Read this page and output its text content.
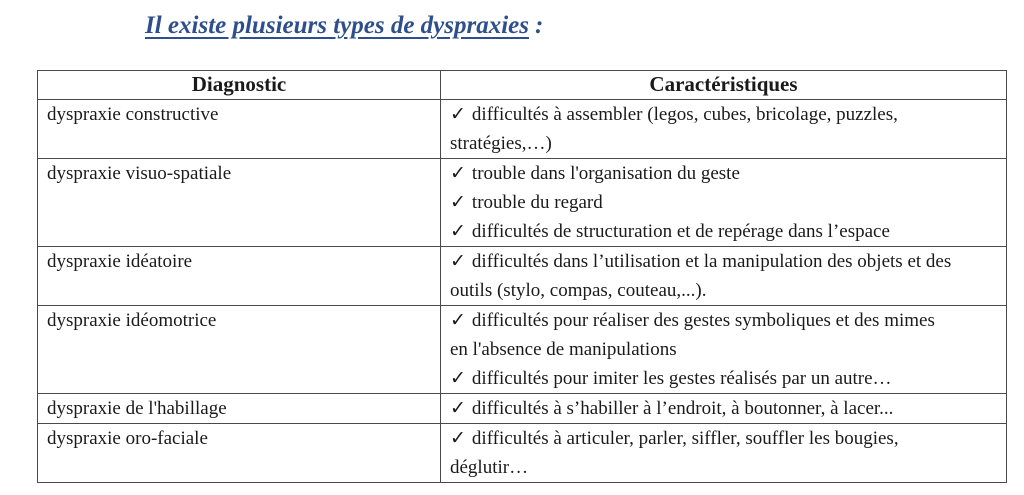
Il existe plusieurs types de dyspraxies :
Diagnostic	Caractéristiques
dyspraxie constructive	✓ difficultés à assembler (legos, cubes, bricolage, puzzles,
stratégies,…)

dyspraxie visuo-spatiale	✓ trouble dans l'organisation du geste
✓ trouble du regard
✓ difficultés de structuration et de repérage dans l’espace

dyspraxie idéatoire	✓ difficultés dans l’utilisation et la manipulation des objets et des
outils (stylo, compas, couteau,...).

dyspraxie idéomotrice	✓ difficultés pour réaliser des gestes symboliques et des mimes
en l'absence de manipulations
✓ difficultés pour imiter les gestes réalisés par un autre…

dyspraxie de l'habillage	✓ difficultés à s’habiller à l’endroit, à boutonner, à lacer...

dyspraxie oro-faciale	✓ difficultés à articuler, parler, siffler, souffler les bougies,
déglutir…
